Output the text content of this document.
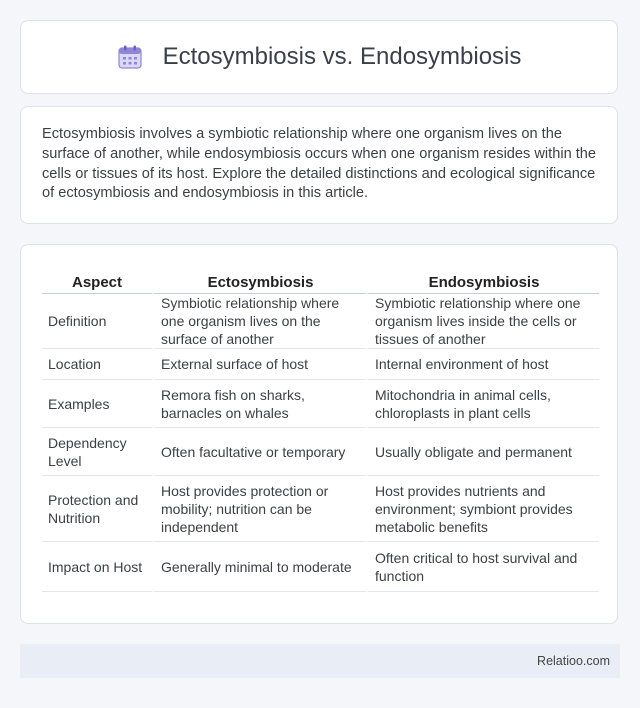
Ectosymbiosis vs. Endosymbiosis

Ectosymbiosis involves a symbiotic relationship where one organism lives on the surface of another, while endosymbiosis occurs when one organism resides within the cells or tissues of its host. Explore the detailed distinctions and ecological significance of ectosymbiosis and endosymbiosis in this article.

Aspect	Ectosymbiosis	Endosymbiosis
Definition	Symbiotic relationship where one organism lives on the surface of another	Symbiotic relationship where one organism lives inside the cells or tissues of another
Location	External surface of host	Internal environment of host
Examples	Remora fish on sharks, barnacles on whales	Mitochondria in animal cells, chloroplasts in plant cells
Dependency Level	Often facultative or temporary	Usually obligate and permanent
Protection and Nutrition	Host provides protection or mobility; nutrition can be independent	Host provides nutrients and environment; symbiont provides metabolic benefits
Impact on Host	Generally minimal to moderate	Often critical to host survival and function
Relatioo.com
